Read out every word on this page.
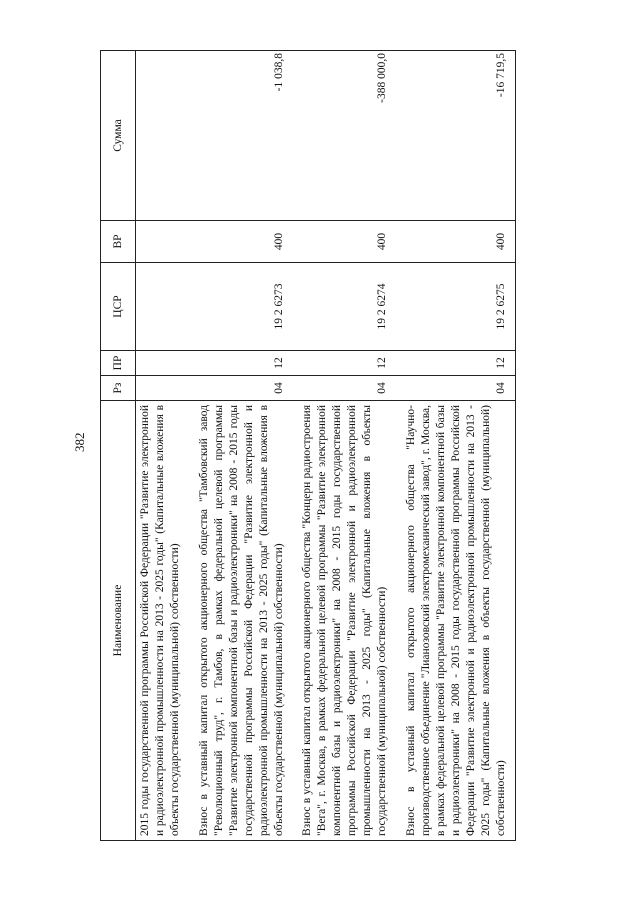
382
Наименование	Рз	ПР	ЦСР	ВР	Сумма
2015 годы государственной программы Российской Федерации "Развитие электронной и радиоэлектронной промышленности на 2013 - 2025 годы" (Капитальные вложения в объекты государственной (муниципальной) собственности)					
Взнос в уставный капитал открытого акционерного общества "Тамбовский завод "Революционный труд", г. Тамбов, в рамках федеральной целевой программы "Развитие электронной компонентной базы и радиоэлектроники" на 2008 - 2015 годы государственной программы Российской Федерации "Развитие электронной и радиоэлектронной промышленности на 2013 - 2025 годы" (Капитальные вложения в объекты государственной (муниципальной) собственности)	04	12	19 2 6273	400	-1 038,8
Взнос в уставный капитал открытого акционерного общества "Концерн радиостроения "Вега", г. Москва, в рамках федеральной целевой программы "Развитие электронной компонентной базы и радиоэлектроники" на 2008 - 2015 годы государственной программы Российской Федерации "Развитие электронной и радиоэлектронной промышленности на 2013 - 2025 годы" (Капитальные вложения в объекты государственной (муниципальной) собственности)	04	12	19 2 6274	400	-388 000,0
Взнос в уставный капитал открытого акционерного общества "Научно-производственное объединение "Лианозовский электромеханический завод", г. Москва, в рамках федеральной целевой программы "Развитие электронной компонентной базы и радиоэлектроники" на 2008 - 2015 годы государственной программы Российской Федерации "Развитие электронной и радиоэлектронной промышленности на 2013 - 2025 годы" (Капитальные вложения в объекты государственной (муниципальной) собственности)	04	12	19 2 6275	400	-16 719,5
